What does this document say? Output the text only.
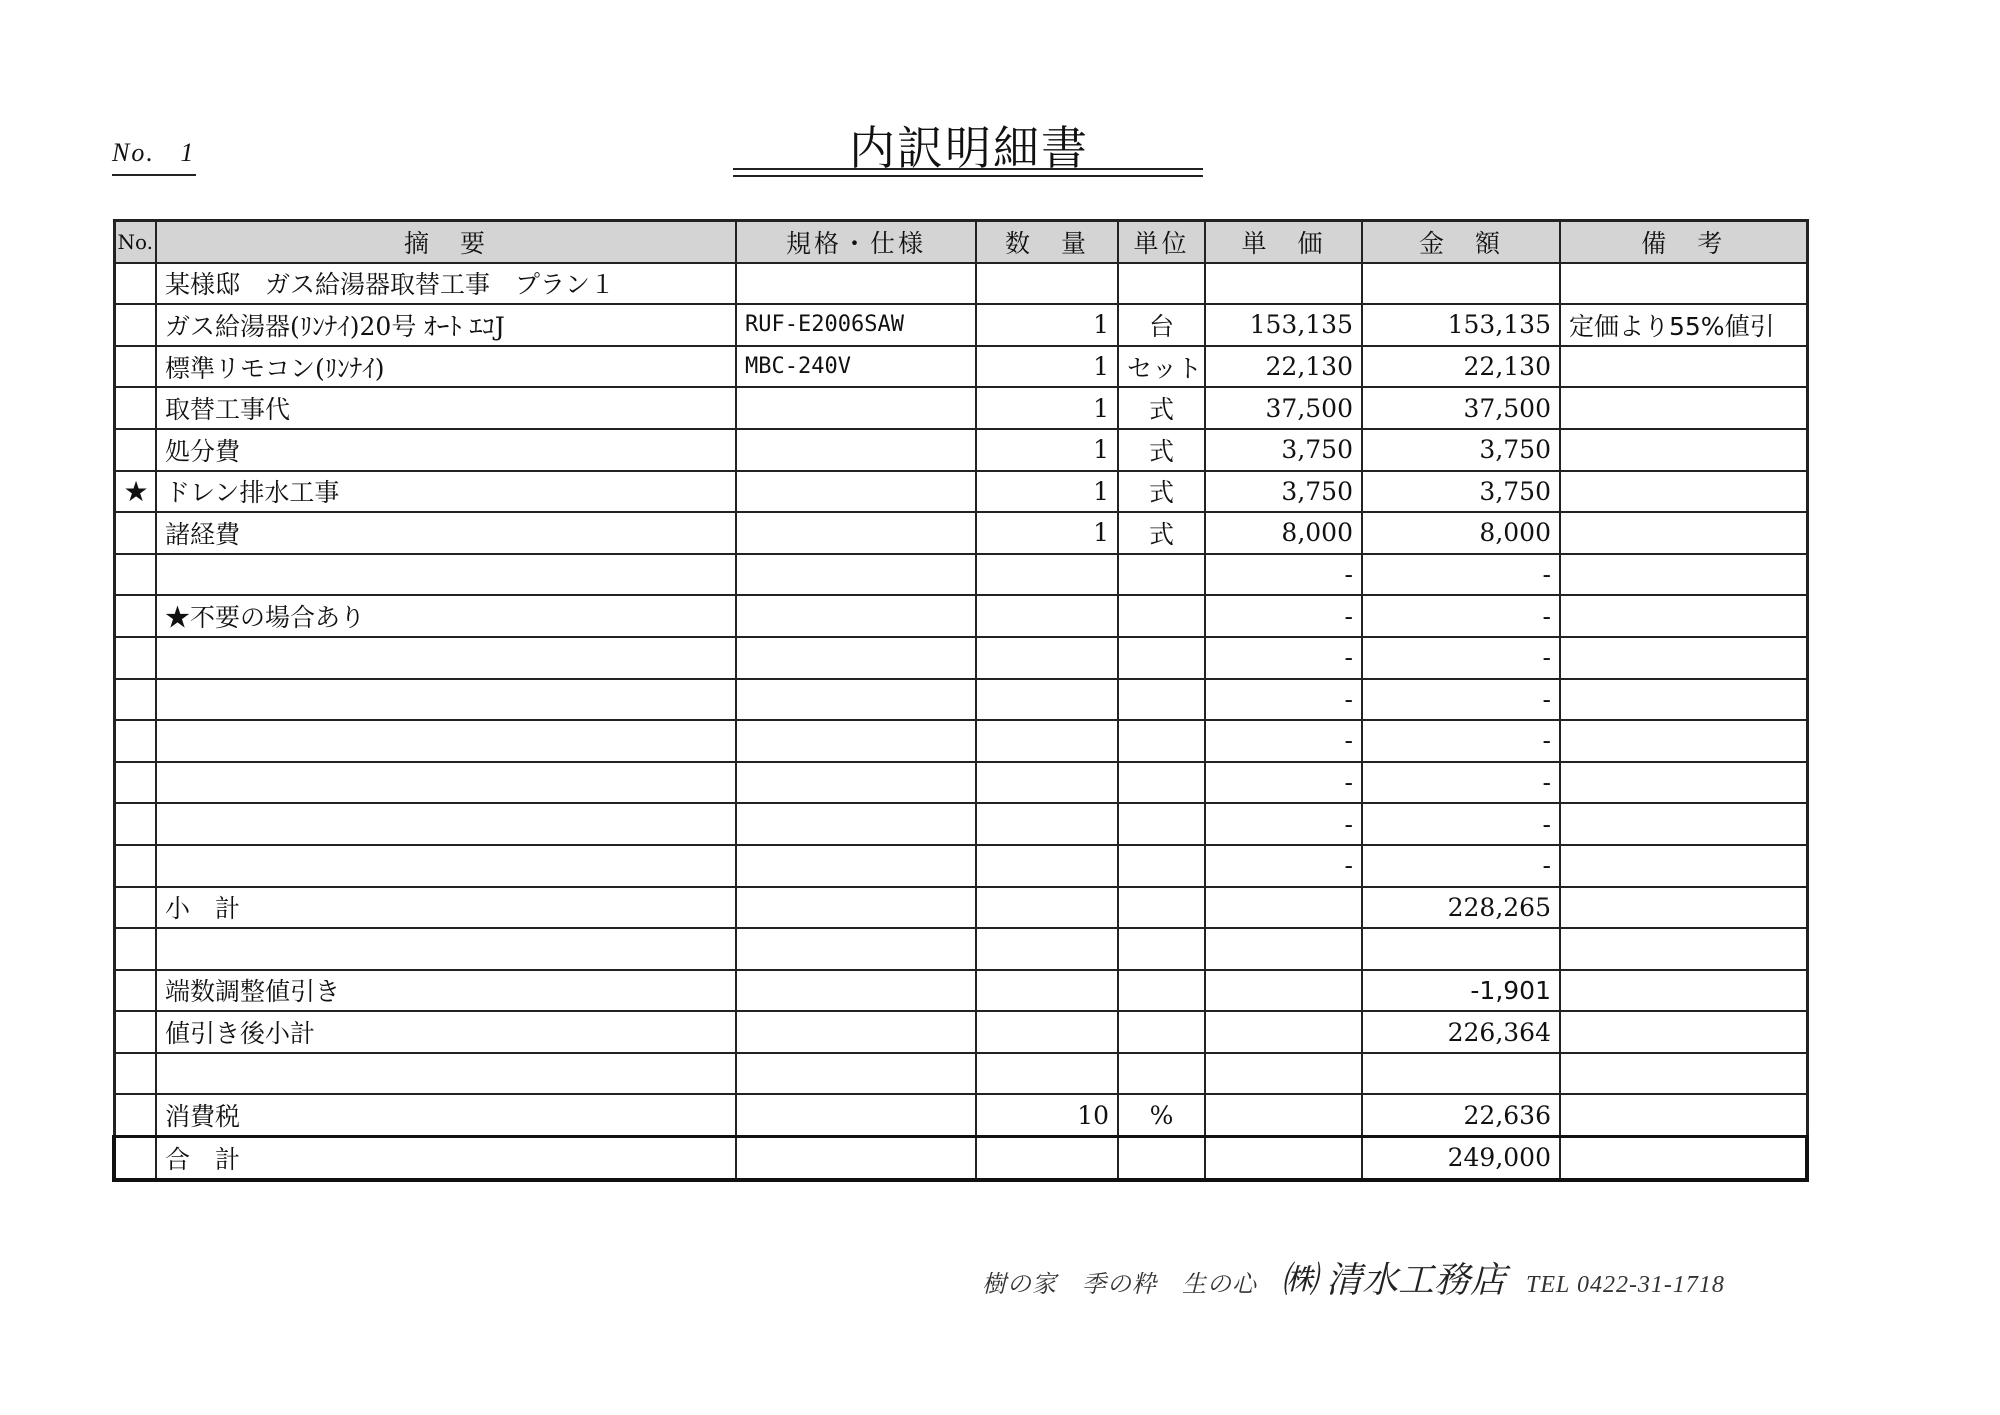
No. 1	内訳明細書
No.	摘　要	規格・仕様	数　量	単位	単　価	金　額	備　考
	某様邸　ガス給湯器取替工事　プラン１						
	ガス給湯器(ﾘﾝﾅｲ)20号 ｵｰﾄ ｴｺJ	RUF-E2006SAW	1	台	153,135	153,135	定価より55%値引
	標準リモコン(ﾘﾝﾅｲ)	MBC-240V	1	セット	22,130	22,130	
	取替工事代		1	式	37,500	37,500	
	処分費		1	式	3,750	3,750	
★	ドレン排水工事		1	式	3,750	3,750	
	諸経費		1	式	8,000	8,000	
					-	-	
	★不要の場合あり				-	-	
					-	-	
					-	-	
					-	-	
					-	-	
					-	-	
					-	-	
	小　計					228,265	

	端数調整値引き					-1,901	
	値引き後小計					226,364	

	消費税		10	%		22,636	
	合　計					249,000	
樹の家　季の粋　生の心 ㈱ 清水工務店 TEL 0422-31-1718
